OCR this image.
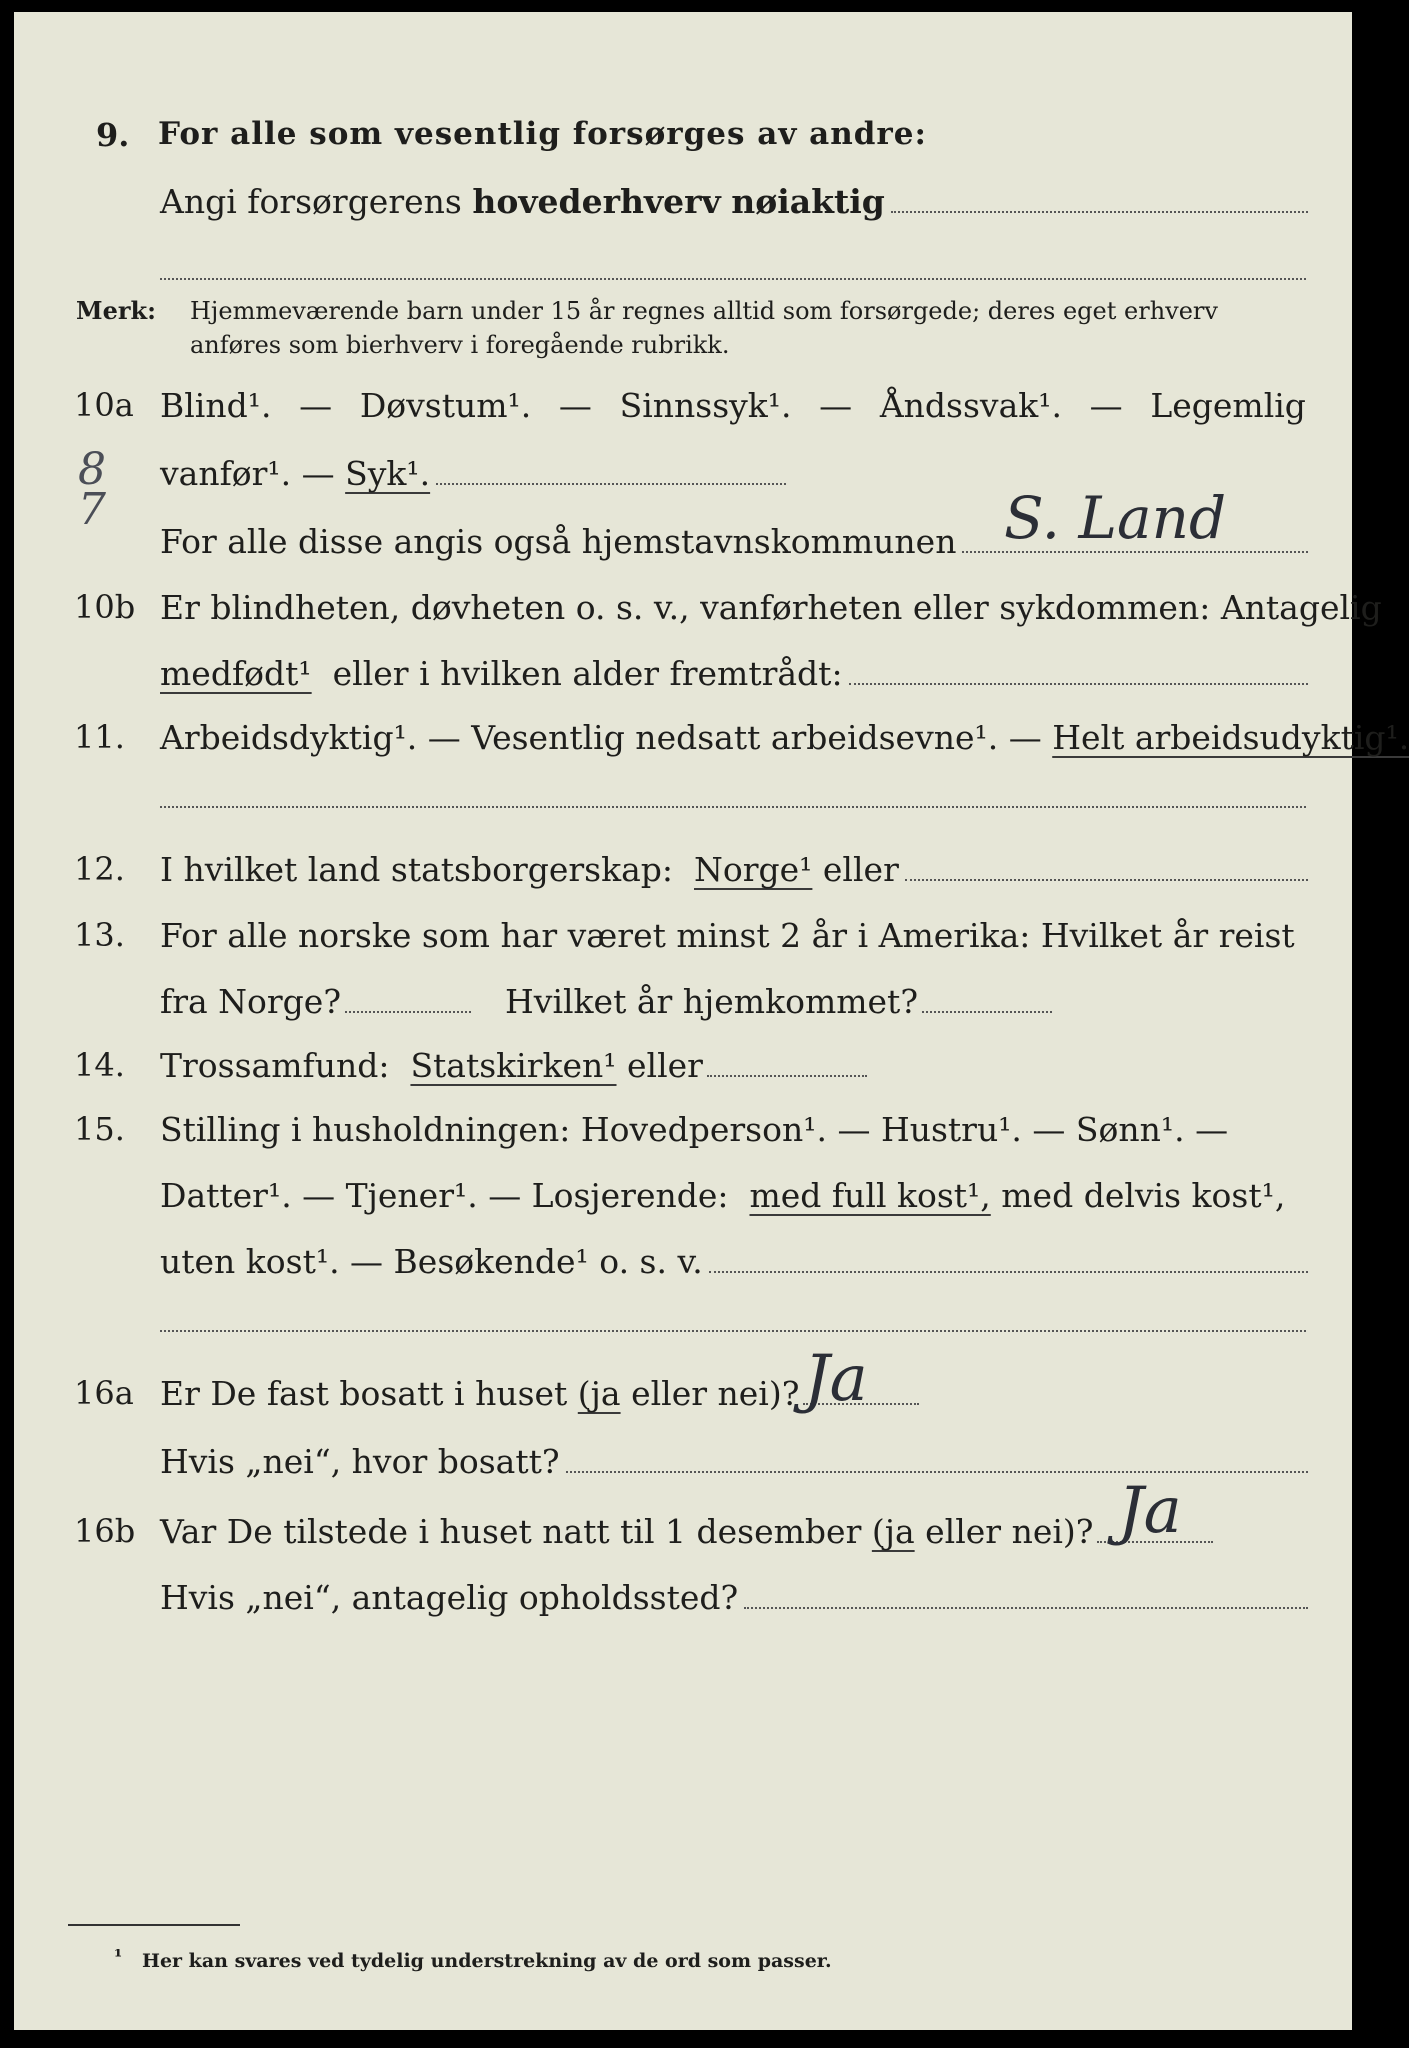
9. For alle som vesentlig forsørges av andre:
Angi forsørgerens
hovederhverv
nøiaktig
Merk: Hjemmeværende barn under 15 år regnes alltid som forsørgede; deres eget erhverv
anføres som bierhverv i foregående rubrikk.
10a Blind¹. — Døvstum¹. — Sinnssyk¹. — Åndssvak¹. — Legemlig
vanfør¹. —
Syk¹.
8
7
For alle disse angis også hjemstavnskommunen S. Land
10b Er blindheten, døvheten o. s. v., vanførheten eller sykdommen: Antagelig
medfødt¹
eller i hvilken alder fremtrådt:
11. Arbeidsdyktig¹. — Vesentlig nedsatt arbeidsevne¹. —
Helt arbeidsudyktig¹.
12. I hvilket land statsborgerskap:
Norge¹
eller
13. For alle norske som har været minst 2 år i Amerika: Hvilket år reist
fra Norge?	Hvilket år hjemkommet?
14. Trossamfund:
Statskirken¹
eller
15. Stilling i husholdningen: Hovedperson¹. — Hustru¹. — Sønn¹. —
Datter¹. — Tjener¹. — Losjerende:
med full kost¹,
med delvis kost¹,
uten kost¹. — Besøkende¹ o. s. v.
16a Er De fast bosatt i huset
(ja
eller nei)? Ja
Hvis „nei“, hvor bosatt?
16b Var De tilstede i huset natt til 1 desember
(ja
eller nei)? Ja
Hvis „nei“, antagelig opholdssted?
¹ Her kan svares ved tydelig understrekning av de ord som passer.
